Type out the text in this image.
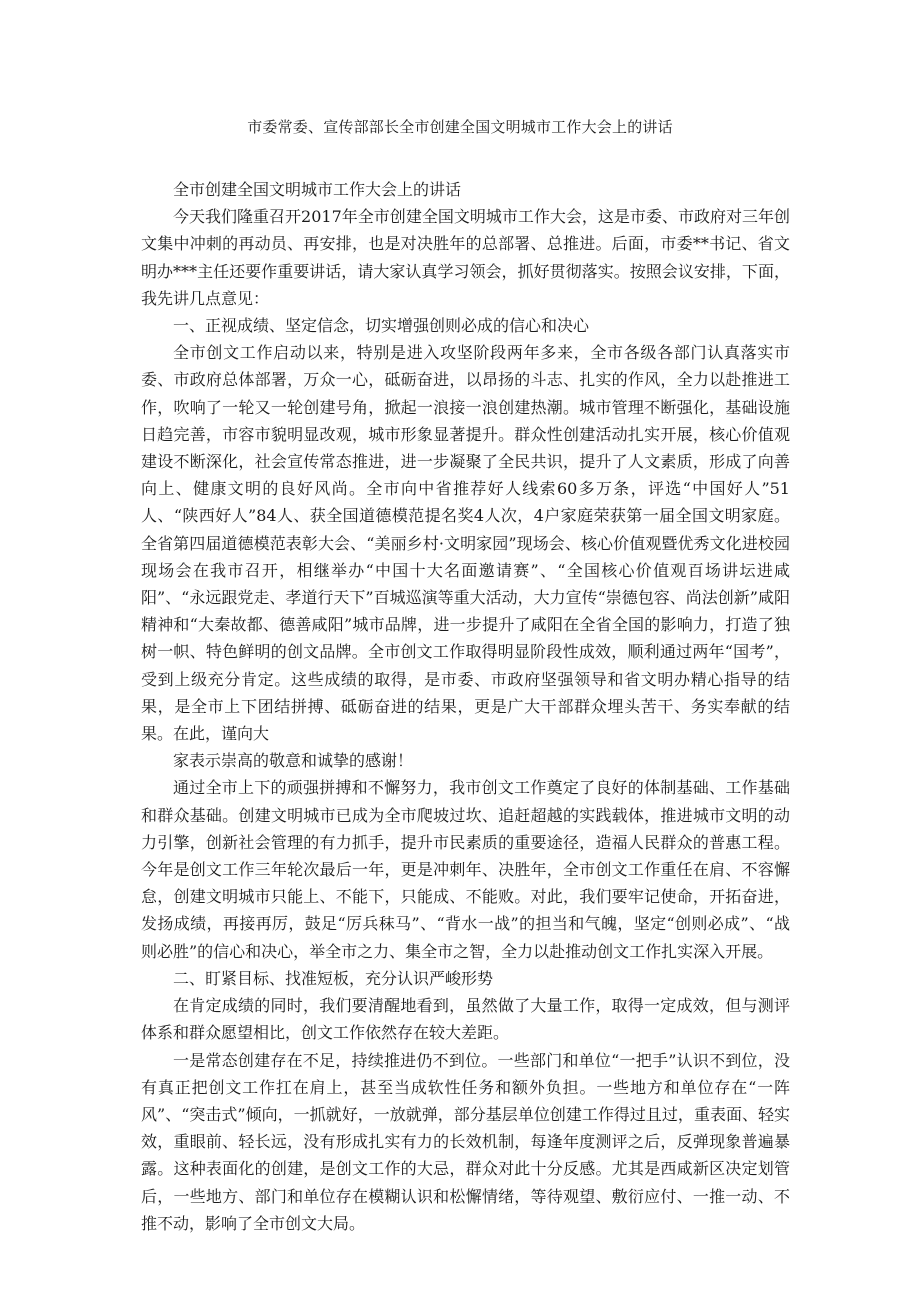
市委常委、宣传部部长全市创建全国文明城市工作大会上的讲话

全市创建全国文明城市工作大会上的讲话

今天我们隆重召开2017年全市创建全国文明城市工作大会，这是市委、市政府对三年创文集中冲刺的再动员、再安排，也是对决胜年的总部署、总推进。后面，市委**书记、省文明办***主任还要作重要讲话，请大家认真学习领会，抓好贯彻落实。按照会议安排，下面，我先讲几点意见：

一、正视成绩、坚定信念，切实增强创则必成的信心和决心

全市创文工作启动以来，特别是进入攻坚阶段两年多来，全市各级各部门认真落实市委、市政府总体部署，万众一心，砥砺奋进，以昂扬的斗志、扎实的作风，全力以赴推进工作，吹响了一轮又一轮创建号角，掀起一浪接一浪创建热潮。城市管理不断强化，基础设施日趋完善，市容市貌明显改观，城市形象显著提升。群众性创建活动扎实开展，核心价值观建设不断深化，社会宣传常态推进，进一步凝聚了全民共识，提升了人文素质，形成了向善向上、健康文明的良好风尚。全市向中省推荐好人线索60多万条，评选“中国好人”51人、“陕西好人”84人、获全国道德模范提名奖4人次，4户家庭荣获第一届全国文明家庭。全省第四届道德模范表彰大会、“美丽乡村·文明家园”现场会、核心价值观暨优秀文化进校园现场会在我市召开，相继举办“中国十大名面邀请赛”、“全国核心价值观百场讲坛进咸阳”、“永远跟党走、孝道行天下”百城巡演等重大活动，大力宣传“崇德包容、尚法创新”咸阳精神和“大秦故都、德善咸阳”城市品牌，进一步提升了咸阳在全省全国的影响力，打造了独树一帜、特色鲜明的创文品牌。全市创文工作取得明显阶段性成效，顺利通过两年“国考”，受到上级充分肯定。这些成绩的取得，是市委、市政府坚强领导和省文明办精心指导的结果，是全市上下团结拼搏、砥砺奋进的结果，更是广大干部群众埋头苦干、务实奉献的结果。在此，谨向大

家表示崇高的敬意和诚挚的感谢！

通过全市上下的顽强拼搏和不懈努力，我市创文工作奠定了良好的体制基础、工作基础和群众基础。创建文明城市已成为全市爬坡过坎、追赶超越的实践载体，推进城市文明的动力引擎，创新社会管理的有力抓手，提升市民素质的重要途径，造福人民群众的普惠工程。今年是创文工作三年轮次最后一年，更是冲刺年、决胜年，全市创文工作重任在肩、不容懈怠，创建文明城市只能上、不能下，只能成、不能败。对此，我们要牢记使命，开拓奋进，发扬成绩，再接再厉，鼓足“厉兵秣马”、“背水一战”的担当和气魄，坚定“创则必成”、“战则必胜”的信心和决心，举全市之力、集全市之智，全力以赴推动创文工作扎实深入开展。

二、盯紧目标、找准短板，充分认识严峻形势

在肯定成绩的同时，我们要清醒地看到，虽然做了大量工作，取得一定成效，但与测评体系和群众愿望相比，创文工作依然存在较大差距。

一是常态创建存在不足，持续推进仍不到位。一些部门和单位“一把手”认识不到位，没有真正把创文工作扛在肩上，甚至当成软性任务和额外负担。一些地方和单位存在“一阵风”、“突击式”倾向，一抓就好，一放就弹，部分基层单位创建工作得过且过，重表面、轻实效，重眼前、轻长远，没有形成扎实有力的长效机制，每逢年度测评之后，反弹现象普遍暴露。这种表面化的创建，是创文工作的大忌，群众对此十分反感。尤其是西咸新区决定划管后，一些地方、部门和单位存在模糊认识和松懈情绪，等待观望、敷衍应付、一推一动、不推不动，影响了全市创文大局。
